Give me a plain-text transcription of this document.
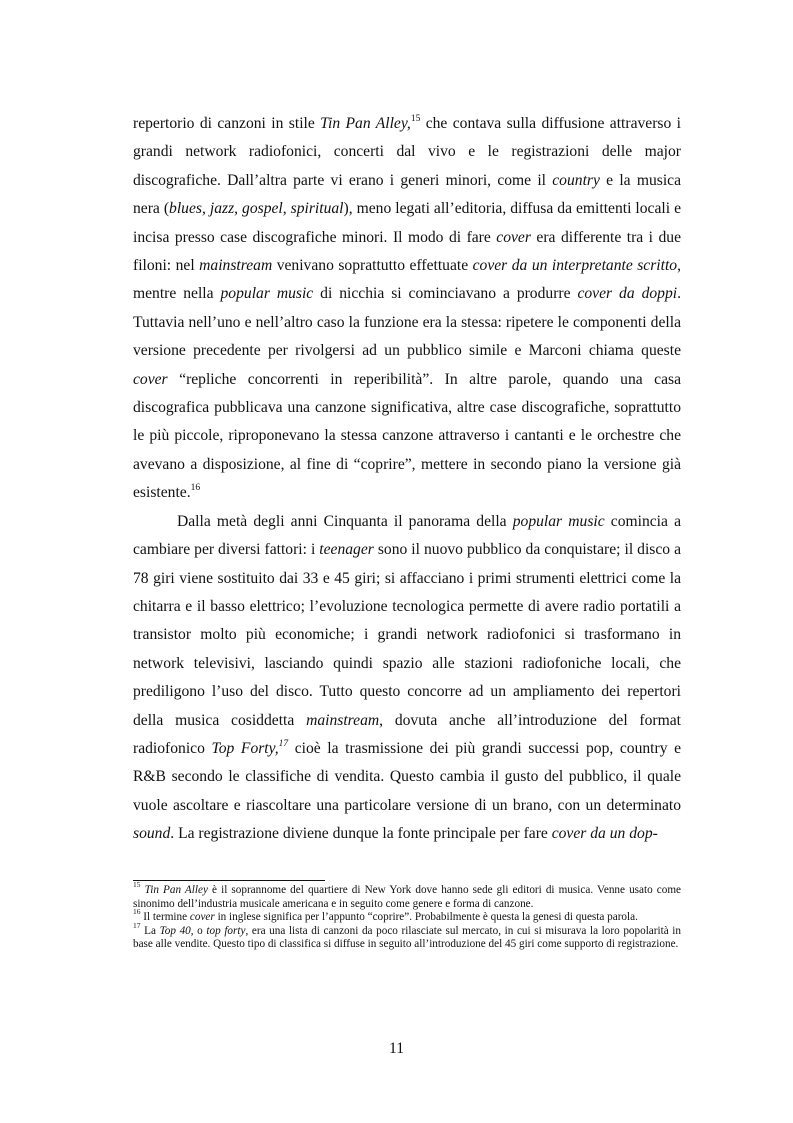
repertorio di canzoni in stile Tin Pan Alley,$^{15}$ che contava sulla diffusione attraverso i grandi network radiofonici, concerti dal vivo e le registrazioni delle major discografiche. Dall’altra parte vi erano i generi minori, come il country e la musica nera (blues, jazz, gospel, spiritual), meno legati all’editoria, diffusa da emittenti locali e incisa presso case discografiche minori. Il modo di fare cover era differente tra i due filoni: nel mainstream venivano soprattutto effettuate cover da un interpretante scritto, mentre nella popular music di nicchia si cominciavano a produrre cover da doppi. Tuttavia nell’uno e nell’altro caso la funzione era la stessa: ripetere le componenti della versione precedente per rivolgersi ad un pubblico simile e Marconi chiama queste cover “repliche concorrenti in reperibilità”. In altre parole, quando una casa discografica pubblicava una canzone significativa, altre case discografiche, soprattutto le più piccole, riproponevano la stessa canzone attraverso i cantanti e le orchestre che avevano a disposizione, al fine di “coprire”, mettere in secondo piano la versione già esistente.$^{16}$

Dalla metà degli anni Cinquanta il panorama della popular music comincia a cambiare per diversi fattori: i teenager sono il nuovo pubblico da conquistare; il disco a 78 giri viene sostituito dai 33 e 45 giri; si affacciano i primi strumenti elettrici come la chitarra e il basso elettrico; l’evoluzione tecnologica permette di avere radio portatili a transistor molto più economiche; i grandi network radiofonici si trasformano in network televisivi, lasciando quindi spazio alle stazioni radiofoniche locali, che prediligono l’uso del disco. Tutto questo concorre ad un ampliamento dei repertori della musica cosiddetta mainstream, dovuta anche all’introduzione del format radiofonico Top Forty,$^{17}$ cioè la trasmissione dei più grandi successi pop, country e R&B secondo le classifiche di vendita. Questo cambia il gusto del pubblico, il quale vuole ascoltare e riascoltare una particolare versione di un brano, con un determinato sound. La registrazione diviene dunque la fonte principale per fare cover da un dop-

$^{15}$ Tin Pan Alley è il soprannome del quartiere di New York dove hanno sede gli editori di musica. Venne usato come sinonimo dell’industria musicale americana e in seguito come genere e forma di canzone.

$^{16}$ Il termine cover in inglese significa per l’appunto “coprire”. Probabilmente è questa la genesi di questa parola.

$^{17}$ La Top 40, o top forty, era una lista di canzoni da poco rilasciate sul mercato, in cui si misurava la loro popolarità in base alle vendite. Questo tipo di classifica si diffuse in seguito all’introduzione del 45 giri come supporto di registrazione.

11
